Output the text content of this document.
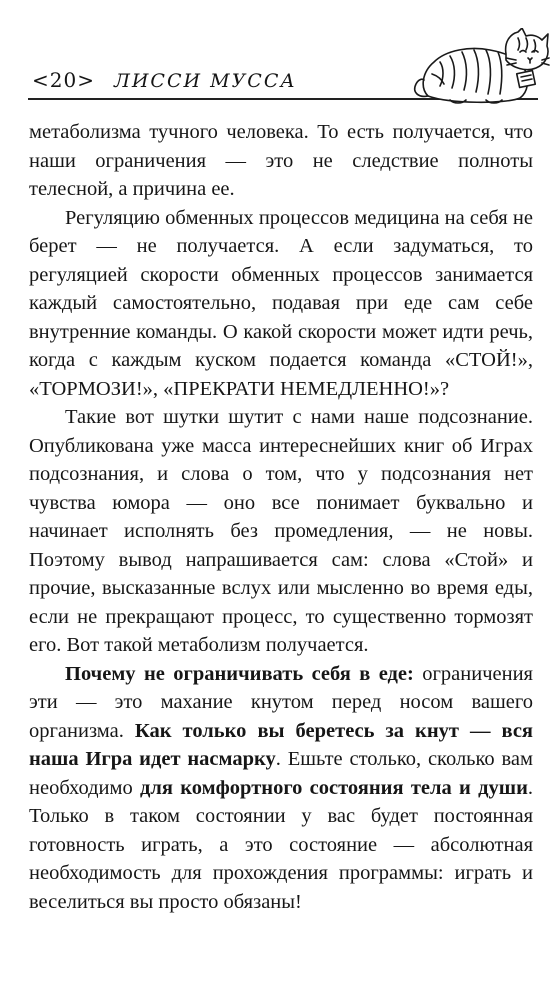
<20> ЛИССИ МУССА

метаболизма тучного человека. То есть получается, что наши ограничения — это не следствие полноты телесной, а причина ее.

Регуляцию обменных процессов медицина на себя не берет — не получается. А если задуматься, то регуляцией скорости обменных процессов занимается каждый самостоятельно, подавая при еде сам себе внутренние команды. О какой скорости может идти речь, когда с каждым куском подается команда «СТОЙ!», «ТОРМОЗИ!», «ПРЕКРАТИ НЕМЕДЛЕННО!»?

Такие вот шутки шутит с нами наше подсознание. Опубликована уже масса интереснейших книг об Играх подсознания, и слова о том, что у подсознания нет чувства юмора — оно все понимает буквально и начинает исполнять без промедления, — не новы. Поэтому вывод напрашивается сам: слова «Стой» и прочие, высказанные вслух или мысленно во время еды, если не прекращают процесс, то существенно тормозят его. Вот такой метаболизм получается.

Почему не ограничивать себя в еде: ограничения эти — это махание кнутом перед носом вашего организма. Как только вы беретесь за кнут — вся наша Игра идет насмарку. Ешьте столько, сколько вам необходимо для комфортного состояния тела и души. Только в таком состоянии у вас будет постоянная готовность играть, а это состояние — абсолютная необходимость для прохождения программы: играть и веселиться вы просто обязаны!
